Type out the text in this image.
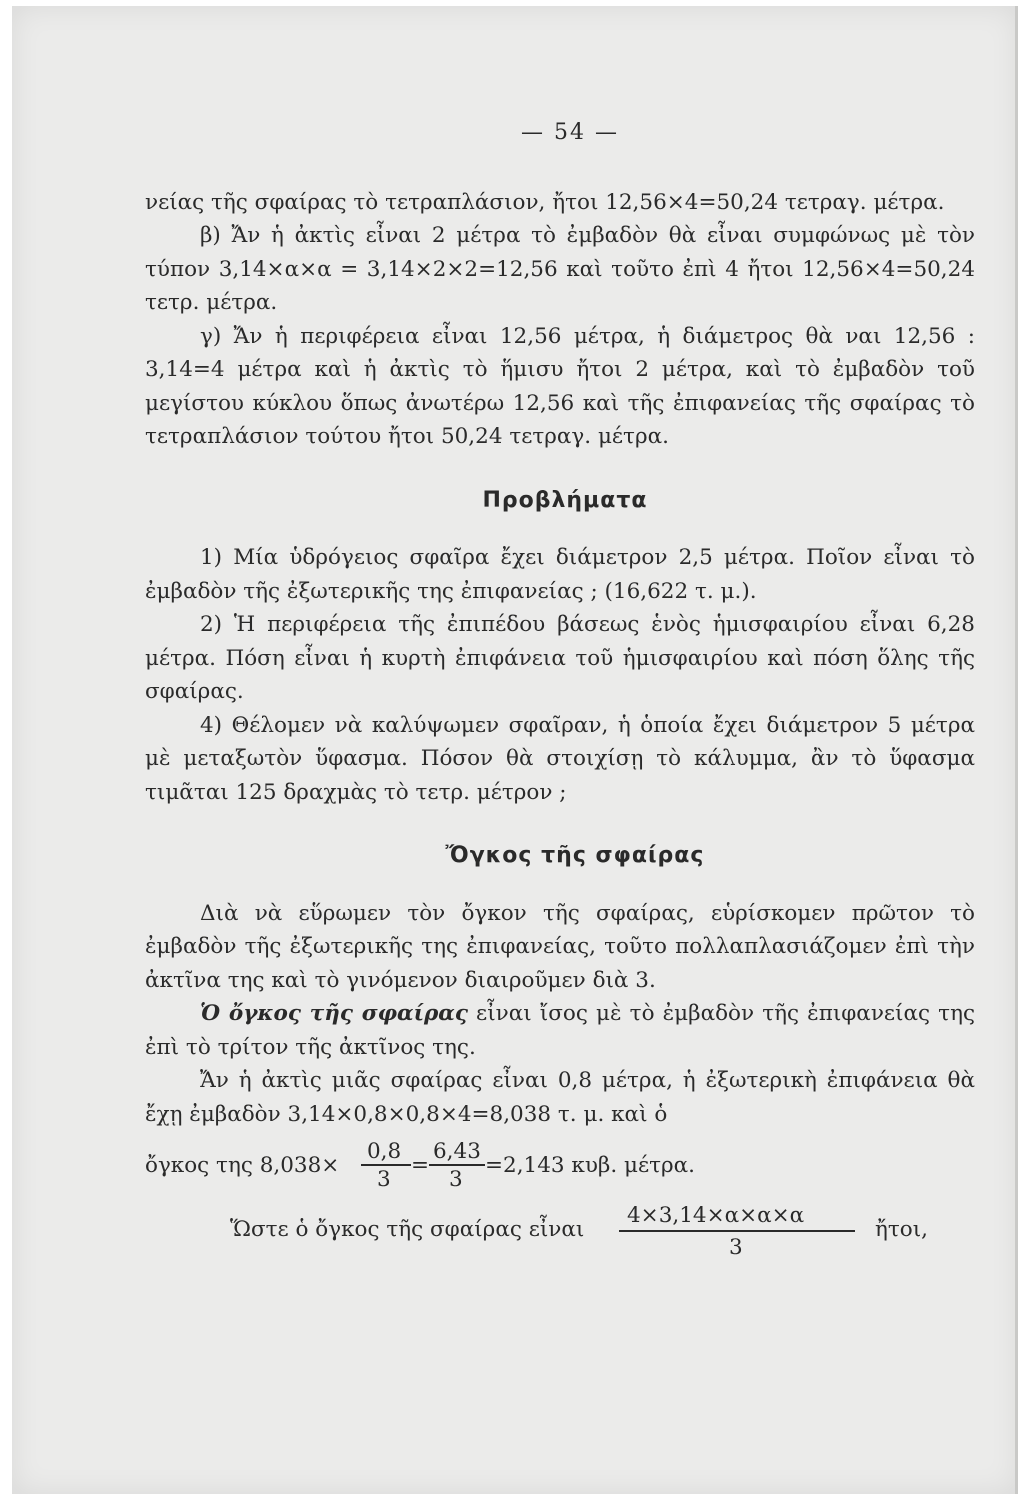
— 54 —

νείας τῆς σφαίρας τὸ τετραπλάσιον, ἤτοι 12,56×4=50,24 τετραγ. μέτρα.

β) Ἄν ἡ ἀκτὶς εἶναι 2 μέτρα τὸ ἐμβαδὸν θὰ εἶναι συμφώνως μὲ τὸν τύπον 3,14×α×α = 3,14×2×2=12,56 καὶ τοῦτο ἐπὶ 4 ἤτοι 12,56×4=50,24 τετρ. μέτρα.

γ) Ἄν ἡ περιφέρεια εἶναι 12,56 μέτρα, ἡ διάμετρος θὰ ναι 12,56 : 3,14=4 μέτρα καὶ ἡ ἀκτὶς τὸ ἥμισυ ἤτοι 2 μέτρα, καὶ τὸ ἐμβαδὸν τοῦ μεγίστου κύκλου ὅπως ἀνωτέρω 12,56 καὶ τῆς ἐπιφανείας τῆς σφαίρας τὸ τετραπλάσιον τούτου ἤτοι 50,24 τετραγ. μέτρα.

Προβλήματα

1) Μία ὑδρόγειος σφαῖρα ἔχει διάμετρον 2,5 μέτρα. Ποῖον εἶναι τὸ ἐμβαδὸν τῆς ἐξωτερικῆς της ἐπιφανείας ; (16,622 τ. μ.).

2) Ἡ περιφέρεια τῆς ἐπιπέδου βάσεως ἑνὸς ἡμισφαιρίου εἶναι 6,28 μέτρα. Πόση εἶναι ἡ κυρτὴ ἐπιφάνεια τοῦ ἡμισφαιρίου καὶ πόση ὅλης τῆς σφαίρας.

4) Θέλομεν νὰ καλύψωμεν σφαῖραν, ἡ ὁποία ἔχει διάμετρον 5 μέτρα μὲ μεταξωτὸν ὕφασμα. Πόσον θὰ στοιχίσῃ τὸ κάλυμμα, ἂν τὸ ὕφασμα τιμᾶται 125 δραχμὰς τὸ τετρ. μέτρον ;

Ὄγκος τῆς σφαίρας

Διὰ νὰ εὕρωμεν τὸν ὄγκον τῆς σφαίρας, εὑρίσκομεν πρῶτον τὸ ἐμβαδὸν τῆς ἐξωτερικῆς της ἐπιφανείας, τοῦτο πολλαπλασιάζομεν ἐπὶ τὴν ἀκτῖνα της καὶ τὸ γινόμενον διαιροῦμεν διὰ 3.

Ὁ ὄγκος τῆς σφαίρας εἶναι ἴσος μὲ τὸ ἐμβαδὸν τῆς ἐπιφανείας της ἐπὶ τὸ τρίτον τῆς ἀκτῖνος της.

Ἄν ἡ ἀκτὶς μιᾶς σφαίρας εἶναι 0,8 μέτρα, ἡ ἐξωτερικὴ ἐπιφάνεια θὰ ἔχῃ ἐμβαδὸν 3,14×0,8×0,8×4=8,038 τ. μ. καὶ ὁ

ὄγκος της 8,038×
0,8
3
=
6,43
3
=2,143 κυβ. μέτρα.
Ὥστε ὁ ὄγκος τῆς σφαίρας εἶναι
4×3,14×α×α×α
3
ἤτοι,
